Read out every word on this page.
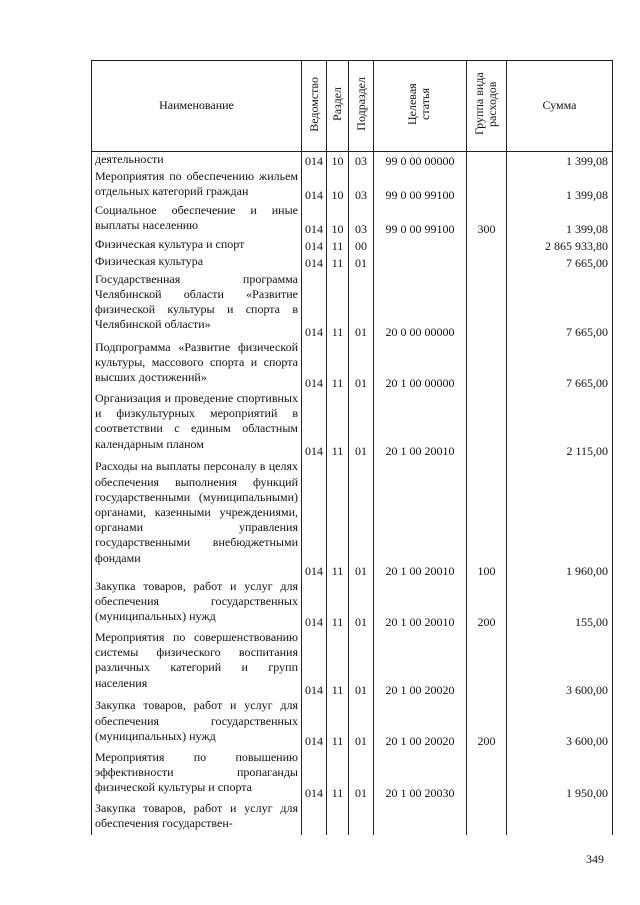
Наименование	Ведомство	Раздел	Подраздел	Целевая статья	Группа вида расходов	Сумма

деятельности	014	10	03	99 0 00 00000		1 399,08

Мероприятия по обеспечению жильем отдельных категорий граждан	014	10	03	99 0 00 99100		1 399,08

Социальное обеспечение и иные выплаты населению	014	10	03	99 0 00 99100	300	1 399,08

Физическая культура и спорт	014	11	00			2 865 933,80

Физическая культура	014	11	01			7 665,00

Государственная программа Челябинской области «Развитие физической культуры и спорта в Челябинской области»	014	11	01	20 0 00 00000		7 665,00

Подпрограмма «Развитие физической культуры, массового спорта и спорта высших достижений»	014	11	01	20 1 00 00000		7 665,00

Организация и проведение спортивных и физкультурных мероприятий в соответствии с единым областным календарным планом	014	11	01	20 1 00 20010		2 115,00

Расходы на выплаты персоналу в целях обеспечения выполнения функций государственными (муниципальными) органами, казенными учреждениями, органами управления государственными внебюджетными фондами	014	11	01	20 1 00 20010	100	1 960,00

Закупка товаров, работ и услуг для обеспечения государственных (муниципальных) нужд	014	11	01	20 1 00 20010	200	155,00

Мероприятия по совершенствованию системы физического воспитания различных категорий и групп населения	014	11	01	20 1 00 20020		3 600,00

Закупка товаров, работ и услуг для обеспечения государственных (муниципальных) нужд	014	11	01	20 1 00 20020	200	3 600,00

Мероприятия по повышению эффективности пропаганды физической культуры и спорта	014	11	01	20 1 00 20030		1 950,00

Закупка товаров, работ и услуг для обеспечения государствен-						

349
